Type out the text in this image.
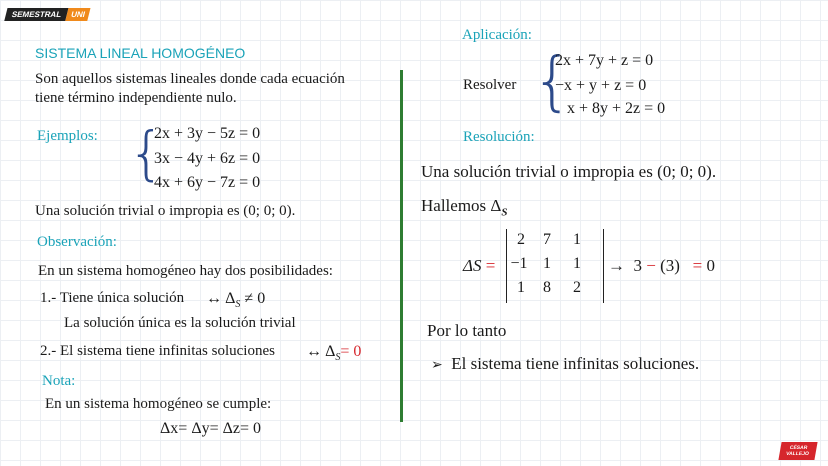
SEMESTRAL UNI
SISTEMA LINEAL HOMOGÉNEO
Son aquellos sistemas lineales donde cada ecuación
tiene término independiente nulo.
Ejemplos: {
2x + 3y − 5z = 0
3x − 4y + 6z = 0
4x + 6y − 7z = 0
Una solución trivial o impropia es (0; 0; 0).
Observación:
En un sistema homogéneo hay dos posibilidades:
1.- Tiene única solución ↔ $\Delta_S \ne 0$
La solución única es la solución trivial
2.- El sistema tiene infinitas soluciones ↔ $\Delta_S= 0$
Nota:
En un sistema homogéneo se cumple:
Δx= Δy= Δz= 0
Aplicación:
Resolver {
2x + 7y + z = 0
−x + y + z = 0
x + 8y + 2z = 0
Resolución:
Una solución trivial o impropia es (0; 0; 0).
Hallemos $\Delta_S$
ΔS =
2	7	1
−1 1	1
1	8	2
→ 3 − (3) = 0
Por lo tanto
➢ El sistema tiene infinitas soluciones.
CÉSAR
VALLEJO
